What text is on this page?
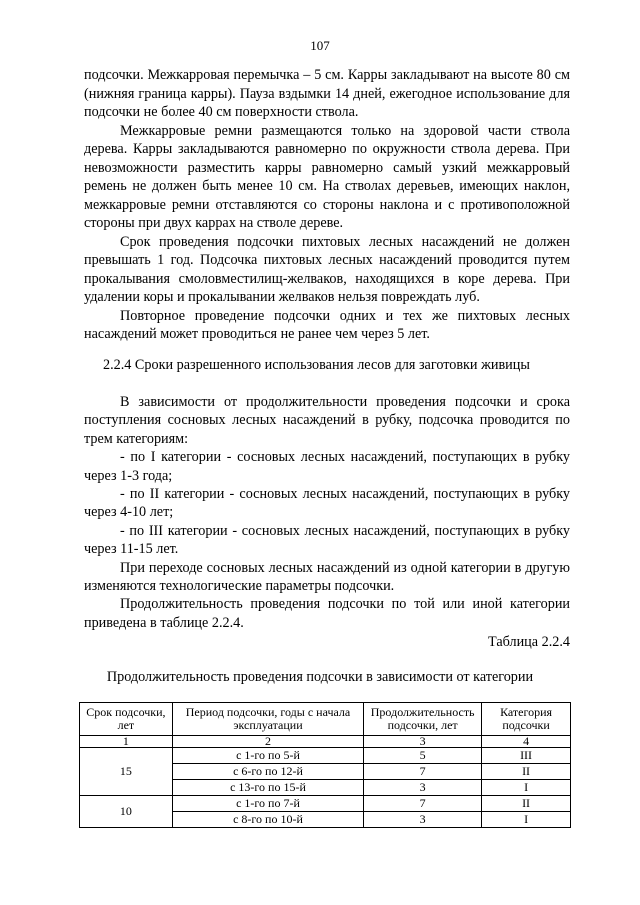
107

подсочки. Межкарровая перемычка – 5 см. Карры закладывают на высоте 80 см (нижняя граница карры). Пауза вздымки 14 дней, ежегодное использование для подсочки не более 40 см поверхности ствола.

Межкарровые ремни размещаются только на здоровой части ствола дерева. Карры закладываются равномерно по окружности ствола дерева. При невозможности разместить карры равномерно самый узкий межкарровый ремень не должен быть менее 10 см. На стволах деревьев, имеющих наклон, межкарровые ремни отставляются со стороны наклона и с противоположной стороны при двух каррах на стволе дереве.

Срок проведения подсочки пихтовых лесных насаждений не должен превышать 1 год. Подсочка пихтовых лесных насаждений проводится путем прокалывания смоловместилищ-желваков, находящихся в коре дерева. При удалении коры и прокалывании желваков нельзя повреждать луб.

Повторное проведение подсочки одних и тех же пихтовых лесных насаждений может проводиться не ранее чем через 5 лет.

2.2.4 Сроки разрешенного использования лесов для заготовки живицы

В зависимости от продолжительности проведения подсочки и срока поступления сосновых лесных насаждений в рубку, подсочка проводится по трем категориям:

- по I категории - сосновых лесных насаждений, поступающих в рубку через 1-3 года;

- по II категории - сосновых лесных насаждений, поступающих в рубку через 4-10 лет;

- по III категории - сосновых лесных насаждений, поступающих в рубку через 11-15 лет.

При переходе сосновых лесных насаждений из одной категории в другую изменяются технологические параметры подсочки.

Продолжительность проведения подсочки по той или иной категории приведена в таблице 2.2.4.

Таблица 2.2.4
Продолжительность проведения подсочки в зависимости от категории
Срок подсочки, лет	Период подсочки, годы с начала эксплуатации	Продолжительность подсочки, лет	Категория подсочки
1	2	3	4
15	с 1-го по 5-й	5	III
	с 6-го по 12-й	7	II
	с 13-го по 15-й	3	I
10	с 1-го по 7-й	7	II
	с 8-го по 10-й	3	I
